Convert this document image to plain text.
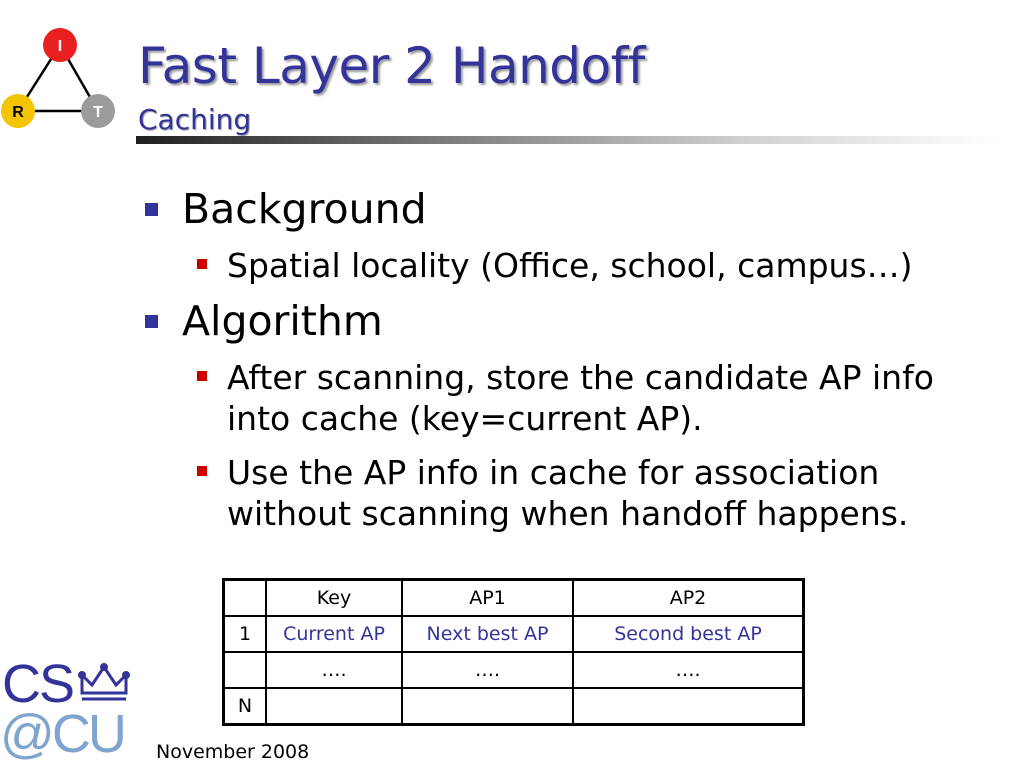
I
R	T
Fast Layer 2 Handoff
Caching
Background
Spatial locality (Office, school, campus…)
Algorithm
After scanning, store the candidate AP info into cache (key=current AP).
Use the AP info in cache for association without scanning when handoff happens.
	Key	AP1	AP2
1	Current AP	Next best AP	Second best AP
	….	….	….
N			
CS
@CU November 2008
